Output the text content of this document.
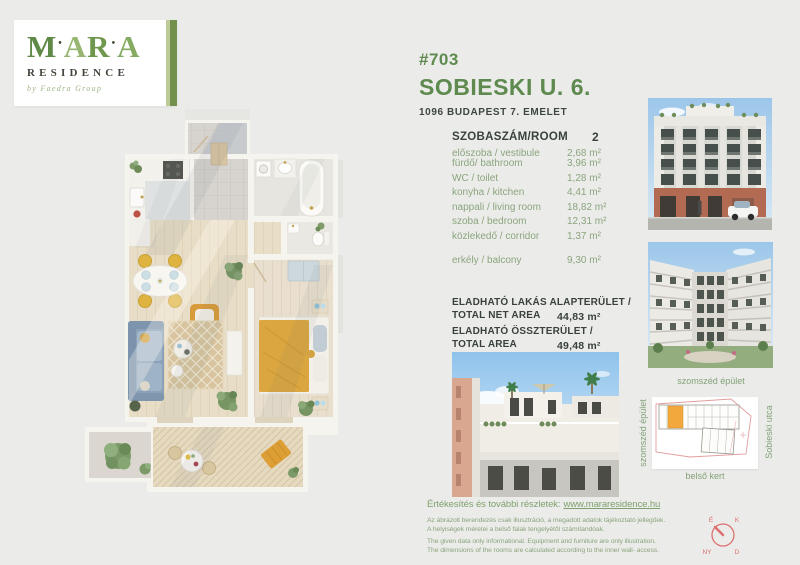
M•AR•A
RESIDENCE
by Faedra Group
#703
SOBIESKI U. 6.
1096 BUDAPEST 7. EMELET
SZOBASZÁM/ROOM 2
előszoba / vestibule	2,68 m²
fürdő/ bathroom	3,96 m²
WC / toilet	1,28 m²
konyha / kitchen	4,41 m²
nappali / living room	18,82 m²
szoba / bedroom	12,31 m²
közlekedő / corridor	1,37 m²
erkély / balcony	9,30 m²
ELADHATÓ LAKÁS ALAPTERÜLET /
TOTAL NET AREA 44,83 m²
ELADHATÓ ÖSSZTERÜLET /
TOTAL AREA	49,48 m²
Értékesítés és további részletek: www.mararesidence.hu
Az ábrázolt berendezés csak illusztráció, a megadott adatok tájékoztató jellegűek.
A helyiségek méretei a belső falak tengelyétől számítandóak.
The given data only informational. Equipment and furniture are only illustration.
The dimensions of the rooms are calculated according to the inner wall- access.
szomszéd épület
szomszéd épület	Sobieski utca
belső kert
É	K
NY	D
